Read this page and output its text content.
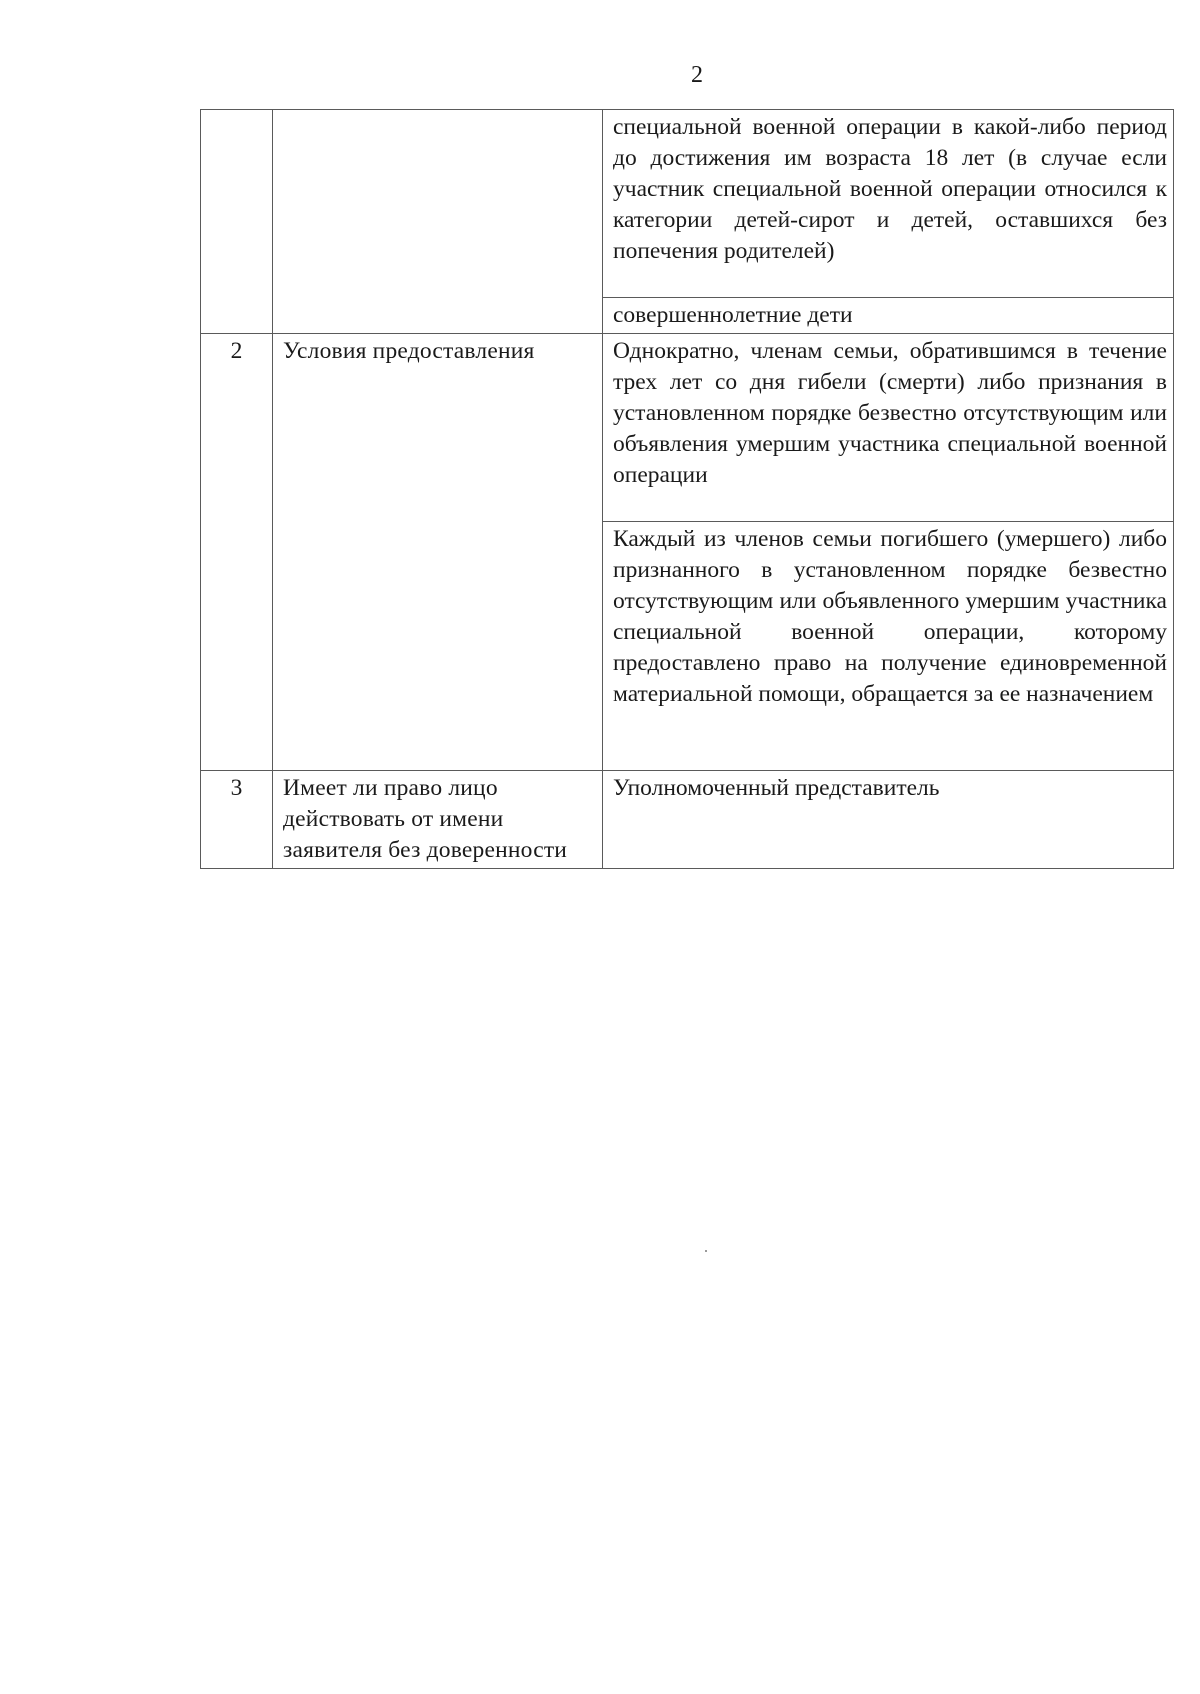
2
		специальной военной операции в какой-либо период до достижения им возраста 18 лет (в случае если участник специальной военной операции относился к категории детей-сирот и детей, оставшихся без попечения родителей)
		совершеннолетние дети
2	Условия предоставления	Однократно, членам семьи, обратившимся в течение трех лет со дня гибели (смерти) либо признания в установленном порядке безвестно отсутствующим или объявления умершим участника специальной военной операции
		Каждый из членов семьи погибшего (умершего) либо признанного в установленном порядке безвестно отсутствующим или объявленного умершим участника специальной военной операции, которому предоставлено право на получение единовременной материальной помощи, обращается за ее назначением
3	Имеет ли право лицо действовать от имени заявителя без доверенности	Уполномоченный представитель
